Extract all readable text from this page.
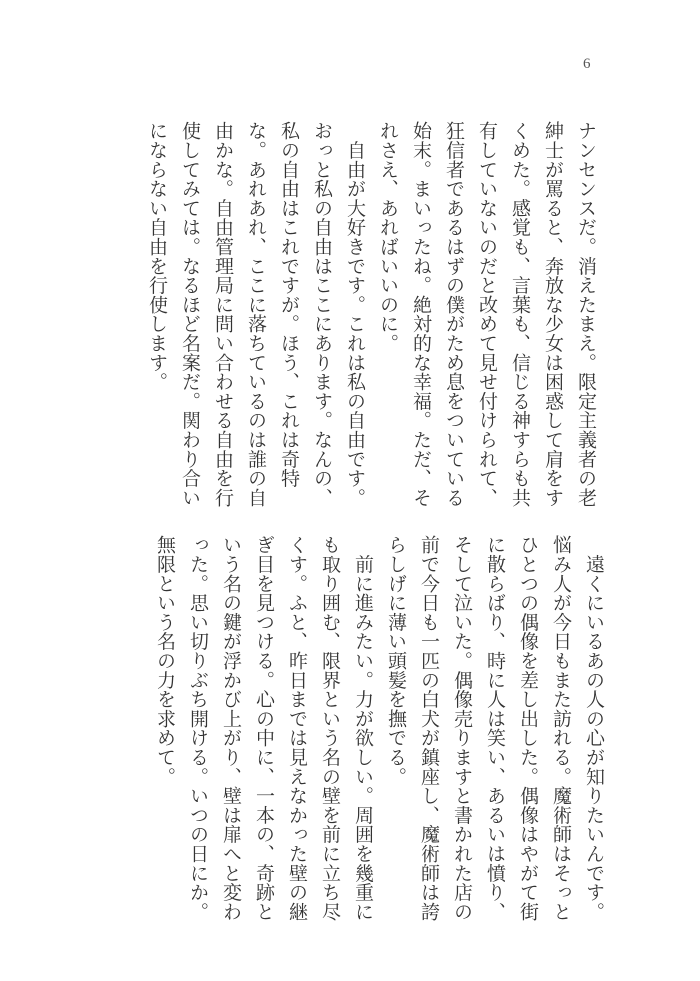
6

ナンセンスだ。消えたまえ。限定主義者の老紳士が罵ると、奔放な少女は困惑して肩をすくめた。感覚も、言葉も、信じる神すらも共有していないのだと改めて見せ付けられて、狂信者であるはずの僕がため息をついている始末。まいったね。絶対的な幸福。ただ、それさえ、あればいいのに。

　自由が大好きです。これは私の自由です。おっと私の自由はここにあります。なんの、私の自由はこれですが。ほう、これは奇特な。あれあれ、ここに落ちているのは誰の自由かな。自由管理局に問い合わせる自由を行使してみては。なるほど名案だ。関わり合いにならない自由を行使します。

　遠くにいるあの人の心が知りたいんです。悩み人が今日もまた訪れる。魔術師はそっとひとつの偶像を差し出した。偶像はやがて街に散らばり、時に人は笑い、あるいは憤り、そして泣いた。偶像売りますと書かれた店の前で今日も一匹の白犬が鎮座し、魔術師は誇らしげに薄い頭髪を撫でる。

　前に進みたい。力が欲しい。周囲を幾重にも取り囲む、限界という名の壁を前に立ち尽くす。ふと、昨日までは見えなかった壁の継ぎ目を見つける。心の中に、一本の、奇跡という名の鍵が浮かび上がり、壁は扉へと変わった。思い切りぶち開ける。いつの日にか。無限という名の力を求めて。
